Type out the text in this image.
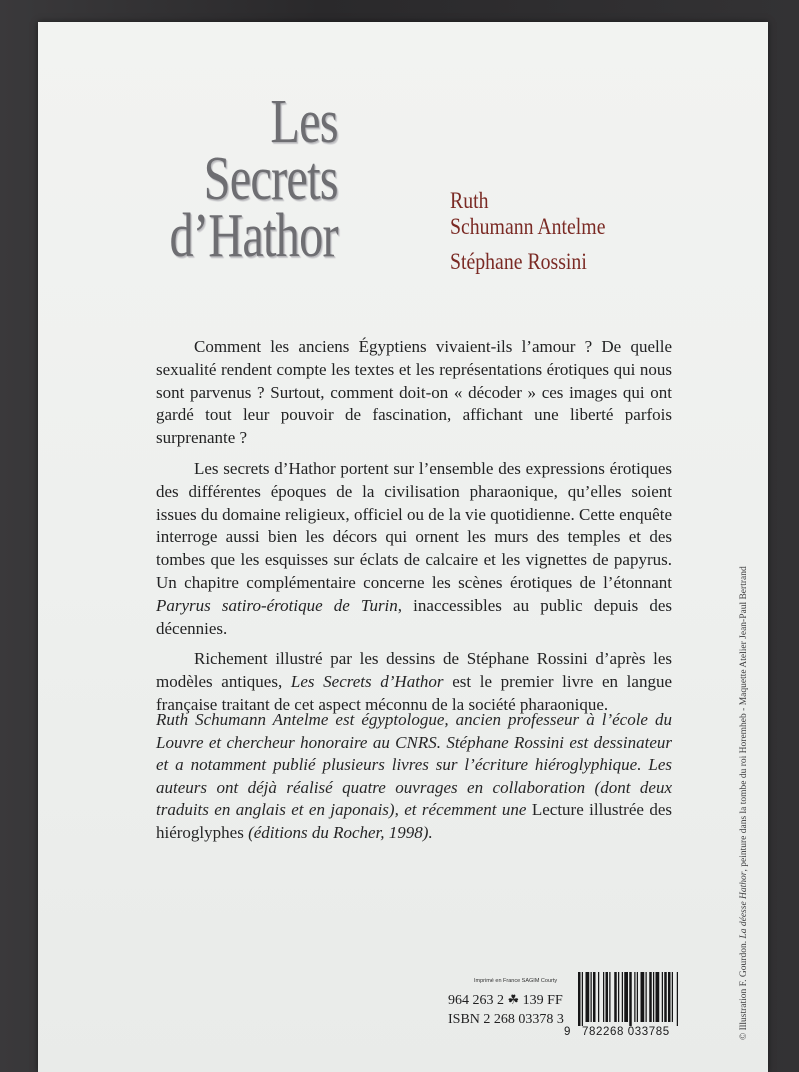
Les
Secrets
d’Hathor
Ruth
Schumann Antelme
Stéphane Rossini

Comment les anciens Égyptiens vivaient-ils l’amour ? De quelle sexualité rendent compte les textes et les représentations érotiques qui nous sont parvenus ? Surtout, comment doit-on « décoder » ces images qui ont gardé tout leur pouvoir de fascination, affichant une liberté parfois surprenante ?

Les secrets d’Hathor portent sur l’ensemble des expressions érotiques des différentes époques de la civilisation pharaonique, qu’elles soient issues du domaine religieux, officiel ou de la vie quotidienne. Cette enquête interroge aussi bien les décors qui ornent les murs des temples et des tombes que les esquisses sur éclats de calcaire et les vignettes de papyrus. Un chapitre complémentaire concerne les scènes érotiques de l’étonnant Paryrus satiro-érotique de Turin, inaccessibles au public depuis des décennies.

Richement illustré par les dessins de Stéphane Rossini d’après les modèles antiques, Les Secrets d’Hathor est le premier livre en langue française traitant de cet aspect méconnu de la société pharaonique.

Ruth Schumann Antelme est égyptologue, ancien professeur à l’école du Louvre et chercheur honoraire au CNRS. Stéphane Rossini est dessinateur et a notamment publié plusieurs livres sur l’écriture hiéroglyphique. Les auteurs ont déjà réalisé quatre ouvrages en collaboration (dont deux traduits en anglais et en japonais), et récemment une Lecture illustrée des hiéroglyphes (éditions du Rocher, 1998).

Imprimé en France SAGIM Courty
964 263 2 ☘ 139 FF
ISBN 2 268 03378 3
9 782268 033785	© Illustration F. Gourdon. La déesse Hathor, peinture dans la tombe du roi Horemheb - Maquette Atelier Jean-Paul Bertrand
